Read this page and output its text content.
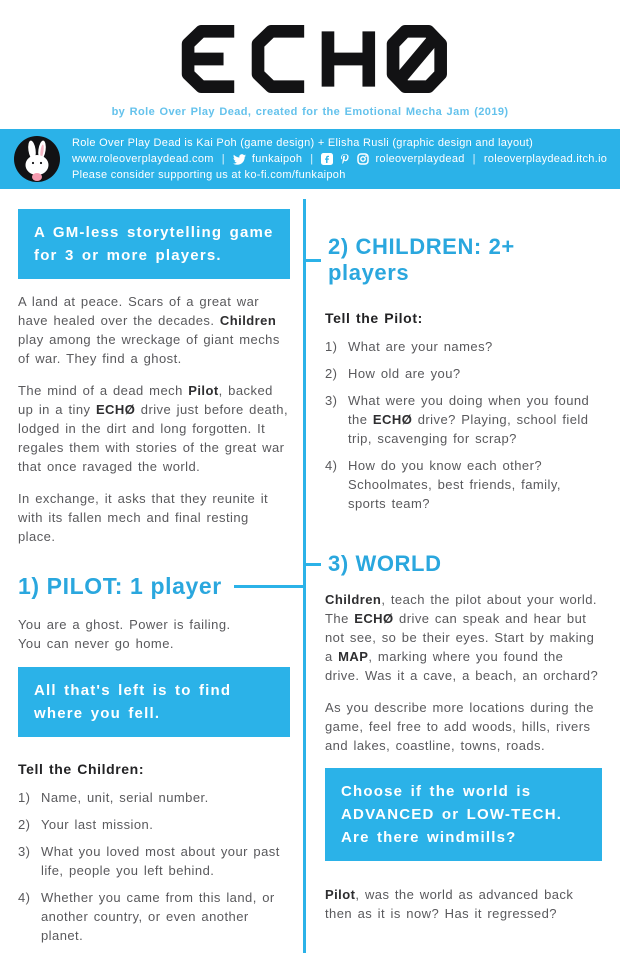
by Role Over Play Dead, created for the Emotional Mecha Jam (2019)
Role Over Play Dead is Kai Poh (game design) + Elisha Rusli (graphic design and layout)
www.roleoverplaydead.com | funkaipoh |	roleoverplaydead | roleoverplaydead.itch.io
Please consider supporting us at ko-fi.com/funkaipoh
A GM-less storytelling game
for 3 or more players.

A land at peace. Scars of a great war have healed over the decades. Children play among the wreckage of giant mechs of war. They find a ghost.

The mind of a dead mech Pilot, backed up in a tiny ECHØ drive just before death, lodged in the dirt and long forgotten. It regales them with stories of the great war that once ravaged the world.

In exchange, it asks that they reunite it with its fallen mech and final resting place.

1) PILOT: 1 player
You are a ghost. Power is failing.
You can never go home.
All that's left is to find
where you fell.
Tell the Children:
1) Name, unit, serial number.
2) Your last mission.
3) What you loved most about your past life, people you left behind.
4) Whether you came from this land, or another country, or even another planet.
2) CHILDREN: 2+ players
Tell the Pilot:
1) What are your names?
2) How old are you?
3) What were you doing when you found the ECHØ drive? Playing, school field trip, scavenging for scrap?
4) How do you know each other? Schoolmates, best friends, family, sports team?
3) WORLD

Children, teach the pilot about your world. The ECHØ drive can speak and hear but not see, so be their eyes. Start by making a MAP, marking where you found the drive. Was it a cave, a beach, an orchard?

As you describe more locations during the game, feel free to add woods, hills, rivers and lakes, coastline, towns, roads.

Choose if the world is
ADVANCED or LOW-TECH.
Are there windmills?

Pilot, was the world as advanced back then as it is now? Has it regressed?
